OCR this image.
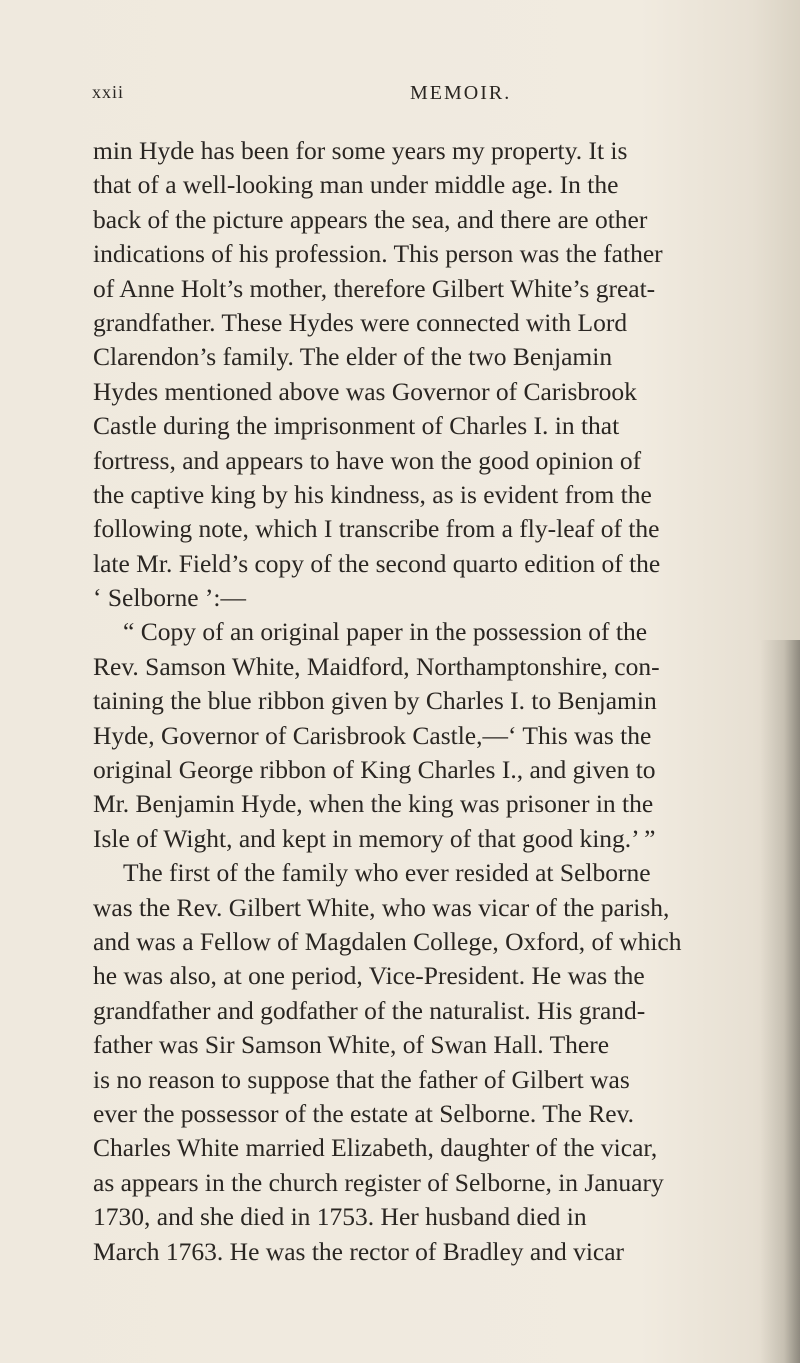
xxii	MEMOIR.
min Hyde has been for some years my property. It is
that of a well-looking man under middle age. In the
back of the picture appears the sea, and there are other
indications of his profession. This person was the father
of Anne Holt’s mother, therefore Gilbert White’s great-
grandfather. These Hydes were connected with Lord
Clarendon’s family. The elder of the two Benjamin
Hydes mentioned above was Governor of Carisbrook
Castle during the imprisonment of Charles I. in that
fortress, and appears to have won the good opinion of
the captive king by his kindness, as is evident from the
following note, which I transcribe from a fly-leaf of the
late Mr. Field’s copy of the second quarto edition of the
‘ Selborne ’:—
“ Copy of an original paper in the possession of the
Rev. Samson White, Maidford, Northamptonshire, con-
taining the blue ribbon given by Charles I. to Benjamin
Hyde, Governor of Carisbrook Castle,—‘ This was the
original George ribbon of King Charles I., and given to
Mr. Benjamin Hyde, when the king was prisoner in the
Isle of Wight, and kept in memory of that good king.’ ”
The first of the family who ever resided at Selborne
was the Rev. Gilbert White, who was vicar of the parish,
and was a Fellow of Magdalen College, Oxford, of which
he was also, at one period, Vice-President. He was the
grandfather and godfather of the naturalist. His grand-
father was Sir Samson White, of Swan Hall. There
is no reason to suppose that the father of Gilbert was
ever the possessor of the estate at Selborne. The Rev.
Charles White married Elizabeth, daughter of the vicar,
as appears in the church register of Selborne, in January
1730, and she died in 1753. Her husband died in
March 1763. He was the rector of Bradley and vicar
